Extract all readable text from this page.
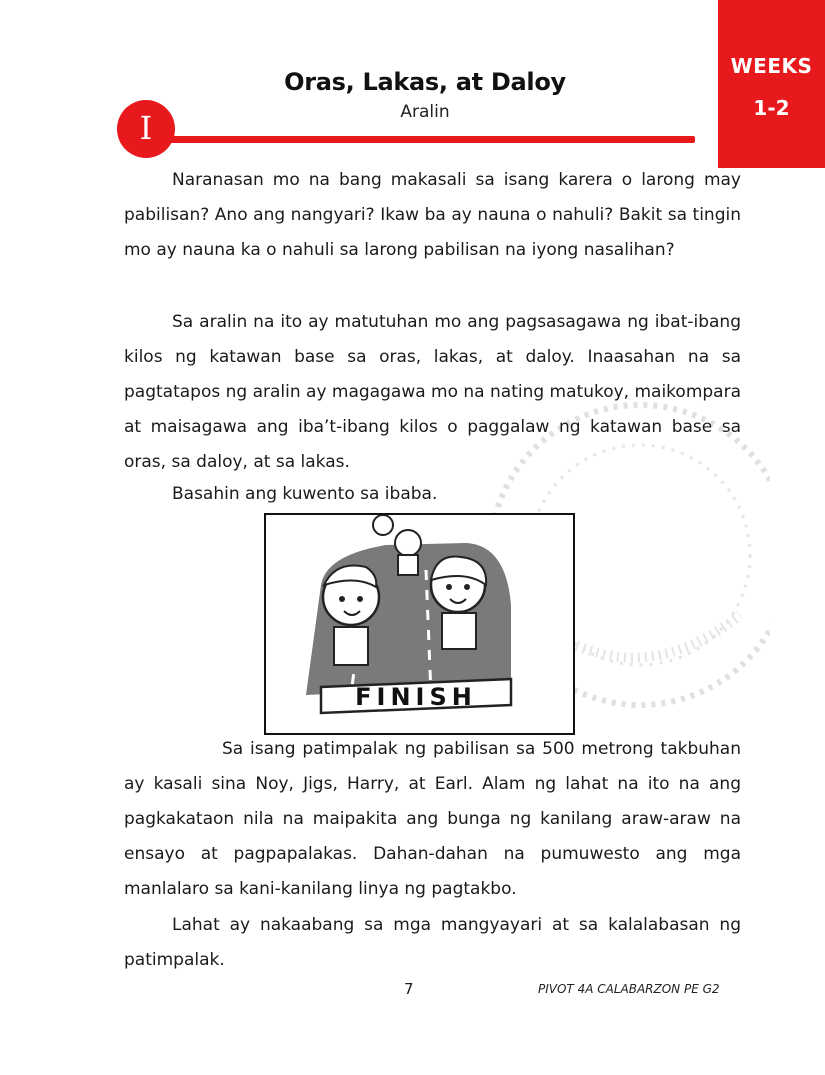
WEEKS
1-2
Oras, Lakas, at Daloy
Aralin
I

Naranasan mo na bang makasali sa isang karera o larong may pabilisan? Ano ang nangyari? Ikaw ba ay nauna o nahuli? Bakit sa tingin mo ay nauna ka o nahuli sa larong pabilisan na iyong nasalihan?

Sa aralin na ito ay matutuhan mo ang pagsasagawa ng ibat-ibang kilos ng katawan base sa oras, lakas, at daloy. Inaasahan na sa pagtatapos ng aralin ay magagawa mo na nating matukoy, maikompara at maisagawa ang iba’t-ibang kilos o paggalaw ng katawan base sa oras, sa daloy, at sa lakas.

Basahin ang kuwento sa ibaba.

FINISH

Sa isang patimpalak ng pabilisan sa 500 metrong takbuhan ay kasali sina Noy, Jigs, Harry, at Earl. Alam ng lahat na ito na ang pagkakataon nila na maipakita ang bunga ng kanilang araw-araw na ensayo at pagpapalakas. Dahan-dahan na pumuwesto ang mga manlalaro sa kani-kanilang linya ng pagtakbo.

Lahat ay nakaabang sa mga mangyayari at sa kalalabasan ng patimpalak.

7	PIVOT 4A CALABARZON PE G2
